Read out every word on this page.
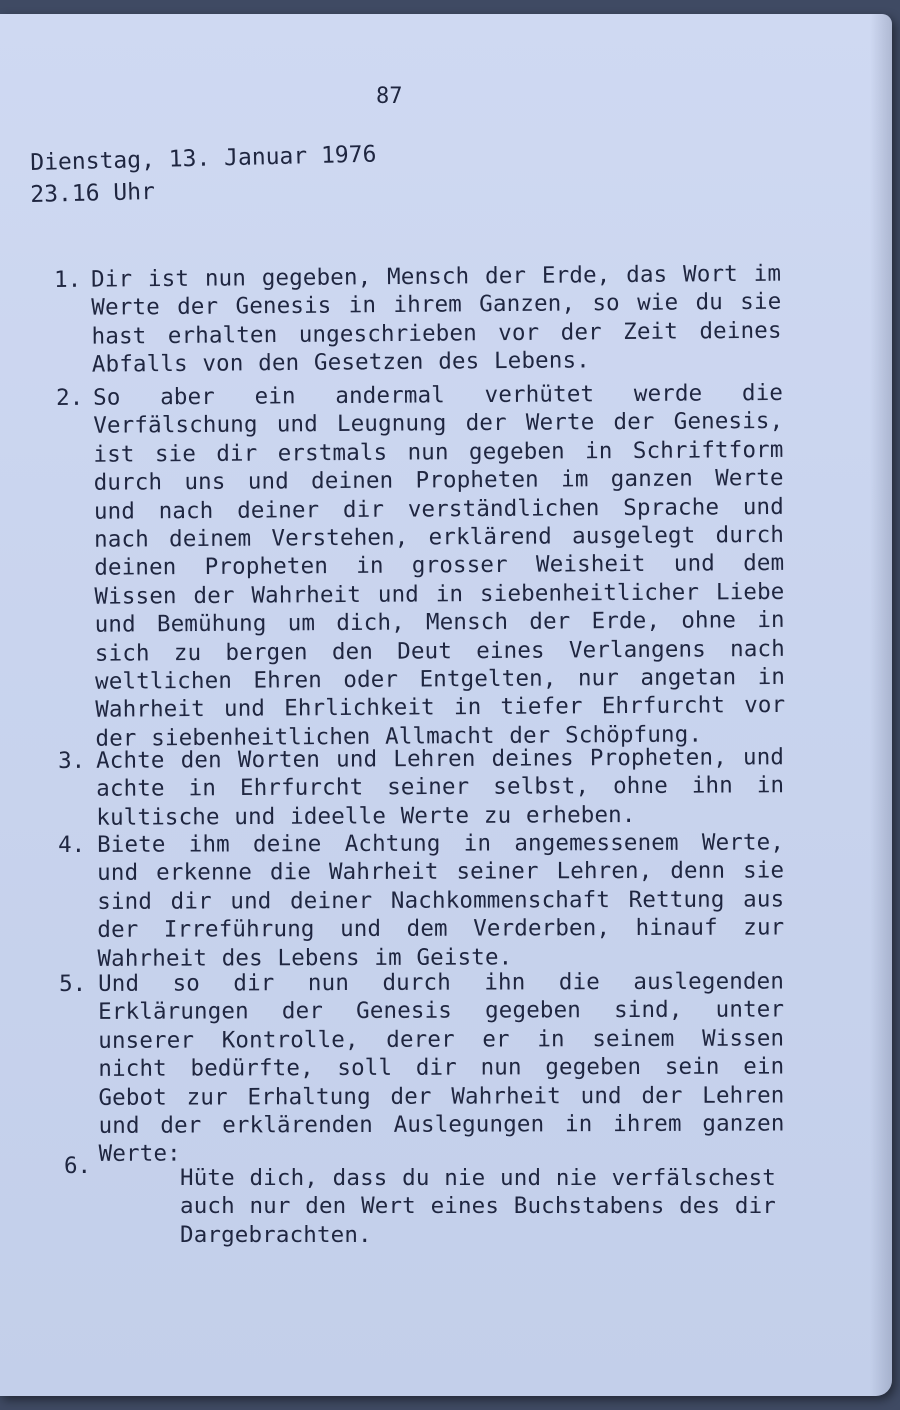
87
Dienstag, 13. Januar 1976
23.16 Uhr
1. Dir ist nun gegeben, Mensch der Erde, das Wort im Werte der Genesis in ihrem Ganzen, so wie du sie hast erhalten ungeschrieben vor der Zeit deines Abfalls von den Gesetzen des Lebens.
2. So aber ein andermal verhütet werde die Verfälschung und Leugnung der Werte der Genesis, ist sie dir erstmals nun gegeben in Schriftform durch uns und deinen Propheten im ganzen Werte und nach deiner dir verständlichen Sprache und nach deinem Verstehen, erklärend ausgelegt durch deinen Propheten in grosser Weisheit und dem Wissen der Wahrheit und in siebenheitlicher Liebe und Bemühung um dich, Mensch der Erde, ohne in sich zu bergen den Deut eines Verlangens nach weltlichen Ehren oder Entgelten, nur angetan in Wahrheit und Ehrlichkeit in tiefer Ehrfurcht vor der siebenheitlichen Allmacht der Schöpfung.
3. Achte den Worten und Lehren deines Propheten, und achte in Ehrfurcht seiner selbst, ohne ihn in kultische und ideelle Werte zu erheben.
4. Biete ihm deine Achtung in angemessenem Werte, und erkenne die Wahrheit seiner Lehren, denn sie sind dir und deiner Nachkommenschaft Rettung aus der Irreführung und dem Verderben, hinauf zur Wahrheit des Lebens im Geiste.
5. Und so dir nun durch ihn die auslegenden Erklärungen der Genesis gegeben sind, unter unserer Kontrolle, derer er in seinem Wissen nicht bedürfte, soll dir nun gegeben sein ein Gebot zur Erhaltung der Wahrheit und der Lehren und der erklärenden Auslegungen in ihrem ganzen Werte:
6.	Hüte dich, dass du nie und nie verfälschest auch nur den Wert eines Buchstabens des dir Dargebrachten.
